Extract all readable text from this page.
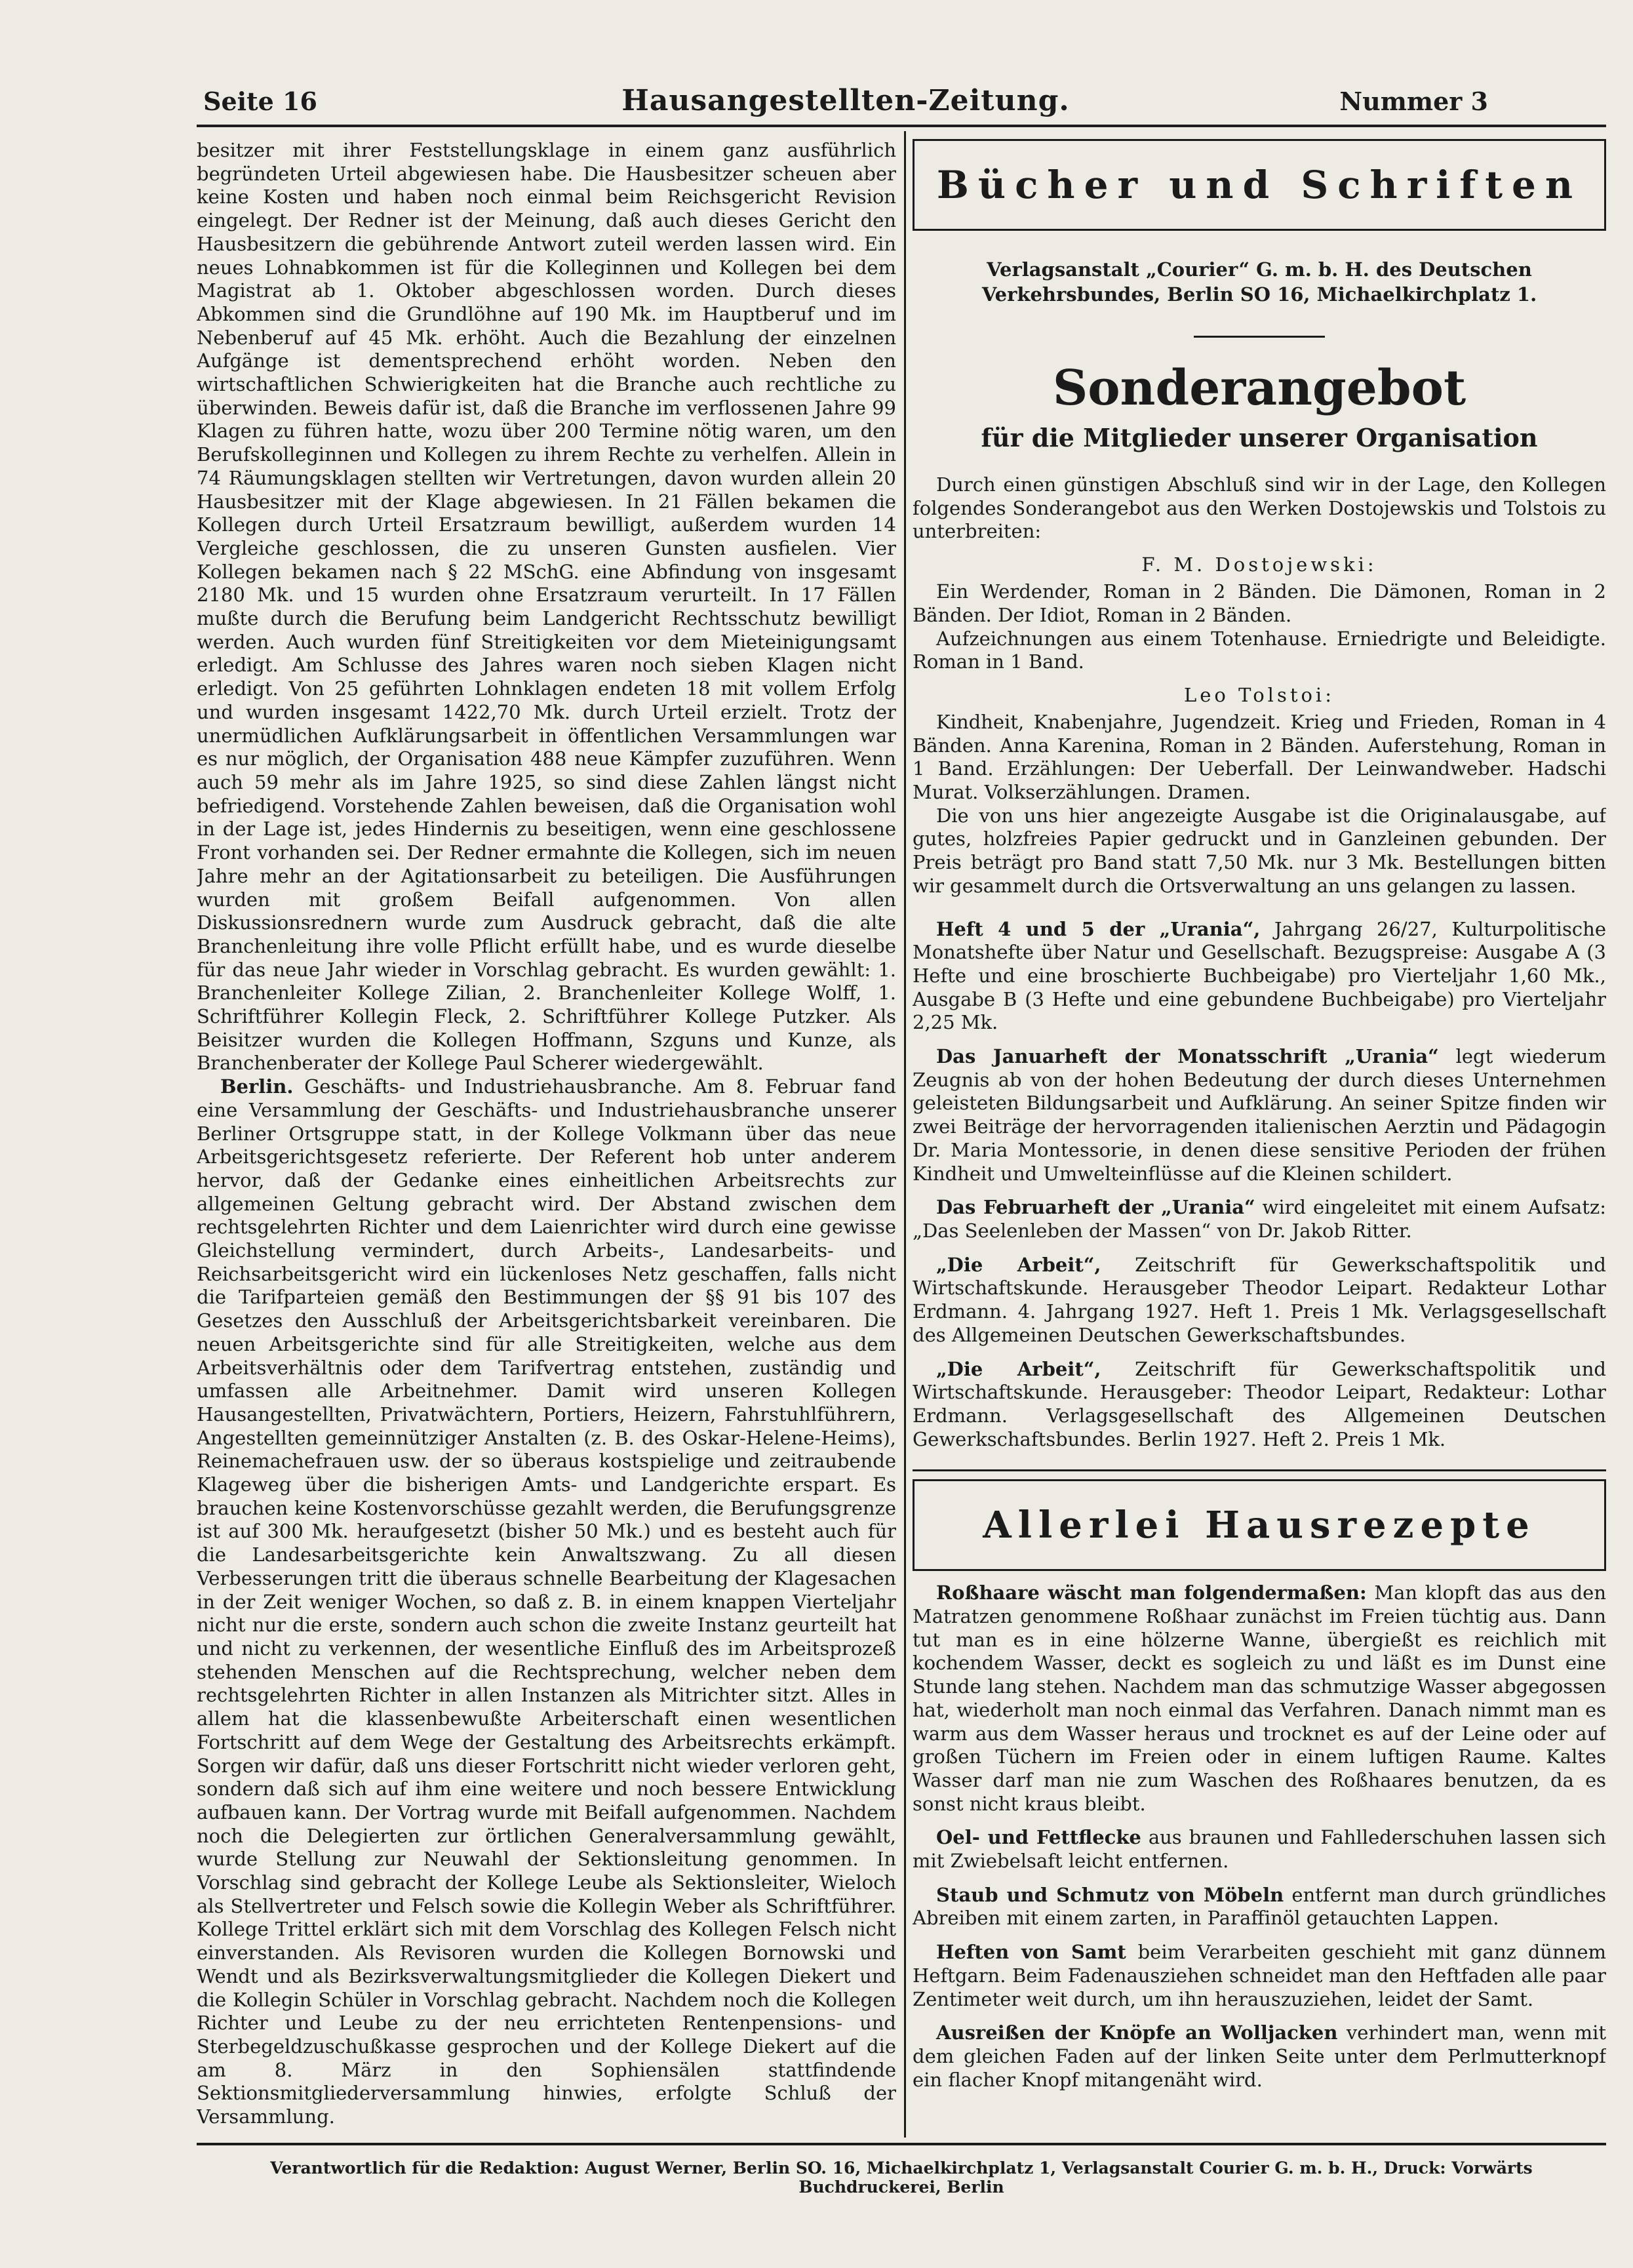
Seite 16	Hausangestellten-Zeitung.	Nummer 3

besitzer mit ihrer Feststellungsklage in einem ganz ausführlich begründeten Urteil abgewiesen habe. Die Hausbesitzer scheuen aber keine Kosten und haben noch einmal beim Reichsgericht Revision eingelegt. Der Redner ist der Meinung, daß auch dieses Gericht den Hausbesitzern die gebührende Antwort zuteil werden lassen wird. Ein neues Lohnabkommen ist für die Kolleginnen und Kollegen bei dem Magistrat ab 1. Oktober abgeschlossen worden. Durch dieses Abkommen sind die Grundlöhne auf 190 Mk. im Hauptberuf und im Nebenberuf auf 45 Mk. erhöht. Auch die Bezahlung der einzelnen Aufgänge ist dementsprechend erhöht worden. Neben den wirtschaftlichen Schwierigkeiten hat die Branche auch rechtliche zu überwinden. Beweis dafür ist, daß die Branche im verflossenen Jahre 99 Klagen zu führen hatte, wozu über 200 Termine nötig waren, um den Berufskolleginnen und Kollegen zu ihrem Rechte zu verhelfen. Allein in 74 Räumungsklagen stellten wir Vertretungen, davon wurden allein 20 Hausbesitzer mit der Klage abgewiesen. In 21 Fällen bekamen die Kollegen durch Urteil Ersatzraum bewilligt, außerdem wurden 14 Vergleiche geschlossen, die zu unseren Gunsten ausfielen. Vier Kollegen bekamen nach § 22 MSchG. eine Abfindung von insgesamt 2180 Mk. und 15 wurden ohne Ersatzraum verurteilt. In 17 Fällen mußte durch die Berufung beim Landgericht Rechtsschutz bewilligt werden. Auch wurden fünf Streitigkeiten vor dem Mieteinigungsamt erledigt. Am Schlusse des Jahres waren noch sieben Klagen nicht erledigt. Von 25 geführten Lohnklagen endeten 18 mit vollem Erfolg und wurden insgesamt 1422,70 Mk. durch Urteil erzielt. Trotz der unermüdlichen Aufklärungsarbeit in öffentlichen Versammlungen war es nur möglich, der Organisation 488 neue Kämpfer zuzuführen. Wenn auch 59 mehr als im Jahre 1925, so sind diese Zahlen längst nicht befriedigend. Vorstehende Zahlen beweisen, daß die Organisation wohl in der Lage ist, jedes Hindernis zu beseitigen, wenn eine geschlossene Front vorhanden sei. Der Redner ermahnte die Kollegen, sich im neuen Jahre mehr an der Agitationsarbeit zu beteiligen. Die Ausführungen wurden mit großem Beifall aufgenommen. Von allen Diskussionsrednern wurde zum Ausdruck gebracht, daß die alte Branchenleitung ihre volle Pflicht erfüllt habe, und es wurde dieselbe für das neue Jahr wieder in Vorschlag gebracht. Es wurden gewählt: 1. Branchenleiter Kollege Zilian, 2. Branchenleiter Kollege Wolff, 1. Schriftführer Kollegin Fleck, 2. Schriftführer Kollege Putzker. Als Beisitzer wurden die Kollegen Hoffmann, Szguns und Kunze, als Branchenberater der Kollege Paul Scherer wiedergewählt.

Berlin. Geschäfts- und Industriehausbranche. Am 8. Februar fand eine Versammlung der Geschäfts- und Industriehausbranche unserer Berliner Ortsgruppe statt, in der Kollege Volkmann über das neue Arbeitsgerichtsgesetz referierte. Der Referent hob unter anderem hervor, daß der Gedanke eines einheitlichen Arbeitsrechts zur allgemeinen Geltung gebracht wird. Der Abstand zwischen dem rechtsgelehrten Richter und dem Laienrichter wird durch eine gewisse Gleichstellung vermindert, durch Arbeits-, Landesarbeits- und Reichsarbeitsgericht wird ein lückenloses Netz geschaffen, falls nicht die Tarifparteien gemäß den Bestimmungen der §§ 91 bis 107 des Gesetzes den Ausschluß der Arbeitsgerichtsbarkeit vereinbaren. Die neuen Arbeitsgerichte sind für alle Streitigkeiten, welche aus dem Arbeitsverhältnis oder dem Tarifvertrag entstehen, zuständig und umfassen alle Arbeitnehmer. Damit wird unseren Kollegen Hausangestellten, Privatwächtern, Portiers, Heizern, Fahrstuhlführern, Angestellten gemeinnütziger Anstalten (z. B. des Oskar-Helene-Heims), Reinemachefrauen usw. der so überaus kostspielige und zeitraubende Klageweg über die bisherigen Amts- und Landgerichte erspart. Es brauchen keine Kostenvorschüsse gezahlt werden, die Berufungsgrenze ist auf 300 Mk. heraufgesetzt (bisher 50 Mk.) und es besteht auch für die Landesarbeitsgerichte kein Anwaltszwang. Zu all diesen Verbesserungen tritt die überaus schnelle Bearbeitung der Klagesachen in der Zeit weniger Wochen, so daß z. B. in einem knappen Vierteljahr nicht nur die erste, sondern auch schon die zweite Instanz geurteilt hat und nicht zu verkennen, der wesentliche Einfluß des im Arbeitsprozeß stehenden Menschen auf die Rechtsprechung, welcher neben dem rechtsgelehrten Richter in allen Instanzen als Mitrichter sitzt. Alles in allem hat die klassenbewußte Arbeiterschaft einen wesentlichen Fortschritt auf dem Wege der Gestaltung des Arbeitsrechts erkämpft. Sorgen wir dafür, daß uns dieser Fortschritt nicht wieder verloren geht, sondern daß sich auf ihm eine weitere und noch bessere Entwicklung aufbauen kann. Der Vortrag wurde mit Beifall aufgenommen. Nachdem noch die Delegierten zur örtlichen Generalversammlung gewählt, wurde Stellung zur Neuwahl der Sektionsleitung genommen. In Vorschlag sind gebracht der Kollege Leube als Sektionsleiter, Wieloch als Stellvertreter und Felsch sowie die Kollegin Weber als Schriftführer. Kollege Trittel erklärt sich mit dem Vorschlag des Kollegen Felsch nicht einverstanden. Als Revisoren wurden die Kollegen Bornowski und Wendt und als Bezirksverwaltungsmitglieder die Kollegen Diekert und die Kollegin Schüler in Vorschlag gebracht. Nachdem noch die Kollegen Richter und Leube zu der neu errichteten Rentenpensions- und Sterbegeldzuschußkasse gesprochen und der Kollege Diekert auf die am 8. März in den Sophiensälen stattfindende Sektionsmitgliederversammlung hinwies, erfolgte Schluß der Versammlung.

Bücher und Schriften
Verlagsanstalt „Courier“ G. m. b. H. des Deutschen Verkehrsbundes, Berlin SO 16, Michaelkirchplatz 1.
Sonderangebot
für die Mitglieder unserer Organisation

Durch einen günstigen Abschluß sind wir in der Lage, den Kollegen folgendes Sonderangebot aus den Werken Dostojewskis und Tolstois zu unterbreiten:

F. M. Dostojewski:

Ein Werdender, Roman in 2 Bänden. Die Dämonen, Roman in 2 Bänden. Der Idiot, Roman in 2 Bänden.

Aufzeichnungen aus einem Totenhause. Erniedrigte und Beleidigte. Roman in 1 Band.

Leo Tolstoi:

Kindheit, Knabenjahre, Jugendzeit. Krieg und Frieden, Roman in 4 Bänden. Anna Karenina, Roman in 2 Bänden. Auferstehung, Roman in 1 Band. Erzählungen: Der Ueberfall. Der Leinwandweber. Hadschi Murat. Volkserzählungen. Dramen.

Die von uns hier angezeigte Ausgabe ist die Originalausgabe, auf gutes, holzfreies Papier gedruckt und in Ganzleinen gebunden. Der Preis beträgt pro Band statt 7,50 Mk. nur 3 Mk. Bestellungen bitten wir gesammelt durch die Ortsverwaltung an uns gelangen zu lassen.

Heft 4 und 5 der „Urania“, Jahrgang 26/27, Kulturpolitische Monatshefte über Natur und Gesellschaft. Bezugspreise: Ausgabe A (3 Hefte und eine broschierte Buchbeigabe) pro Vierteljahr 1,60 Mk., Ausgabe B (3 Hefte und eine gebundene Buchbeigabe) pro Vierteljahr 2,25 Mk.

Das Januarheft der Monatsschrift „Urania“ legt wiederum Zeugnis ab von der hohen Bedeutung der durch dieses Unternehmen geleisteten Bildungsarbeit und Aufklärung. An seiner Spitze finden wir zwei Beiträge der hervorragenden italienischen Aerztin und Pädagogin Dr. Maria Montessorie, in denen diese sensitive Perioden der frühen Kindheit und Umwelteinflüsse auf die Kleinen schildert.

Das Februarheft der „Urania“ wird eingeleitet mit einem Aufsatz: „Das Seelenleben der Massen“ von Dr. Jakob Ritter.

„Die Arbeit“, Zeitschrift für Gewerkschaftspolitik und Wirtschaftskunde. Herausgeber Theodor Leipart. Redakteur Lothar Erdmann. 4. Jahrgang 1927. Heft 1. Preis 1 Mk. Verlagsgesellschaft des Allgemeinen Deutschen Gewerkschaftsbundes.

„Die Arbeit“, Zeitschrift für Gewerkschaftspolitik und Wirtschaftskunde. Herausgeber: Theodor Leipart, Redakteur: Lothar Erdmann. Verlagsgesellschaft des Allgemeinen Deutschen Gewerkschaftsbundes. Berlin 1927. Heft 2. Preis 1 Mk.

Allerlei Hausrezepte

Roßhaare wäscht man folgendermaßen: Man klopft das aus den Matratzen genommene Roßhaar zunächst im Freien tüchtig aus. Dann tut man es in eine hölzerne Wanne, übergießt es reichlich mit kochendem Wasser, deckt es sogleich zu und läßt es im Dunst eine Stunde lang stehen. Nachdem man das schmutzige Wasser abgegossen hat, wiederholt man noch einmal das Verfahren. Danach nimmt man es warm aus dem Wasser heraus und trocknet es auf der Leine oder auf großen Tüchern im Freien oder in einem luftigen Raume. Kaltes Wasser darf man nie zum Waschen des Roßhaares benutzen, da es sonst nicht kraus bleibt.

Oel- und Fettflecke aus braunen und Fahllederschuhen lassen sich mit Zwiebelsaft leicht entfernen.

Staub und Schmutz von Möbeln entfernt man durch gründliches Abreiben mit einem zarten, in Paraffinöl getauchten Lappen.

Heften von Samt beim Verarbeiten geschieht mit ganz dünnem Heftgarn. Beim Fadenausziehen schneidet man den Heftfaden alle paar Zentimeter weit durch, um ihn herauszuziehen, leidet der Samt.

Ausreißen der Knöpfe an Wolljacken verhindert man, wenn mit dem gleichen Faden auf der linken Seite unter dem Perlmutterknopf ein flacher Knopf mitangenäht wird.

Verantwortlich für die Redaktion: August Werner, Berlin SO. 16, Michaelkirchplatz 1, Verlagsanstalt Courier G. m. b. H., Druck: Vorwärts Buchdruckerei, Berlin
